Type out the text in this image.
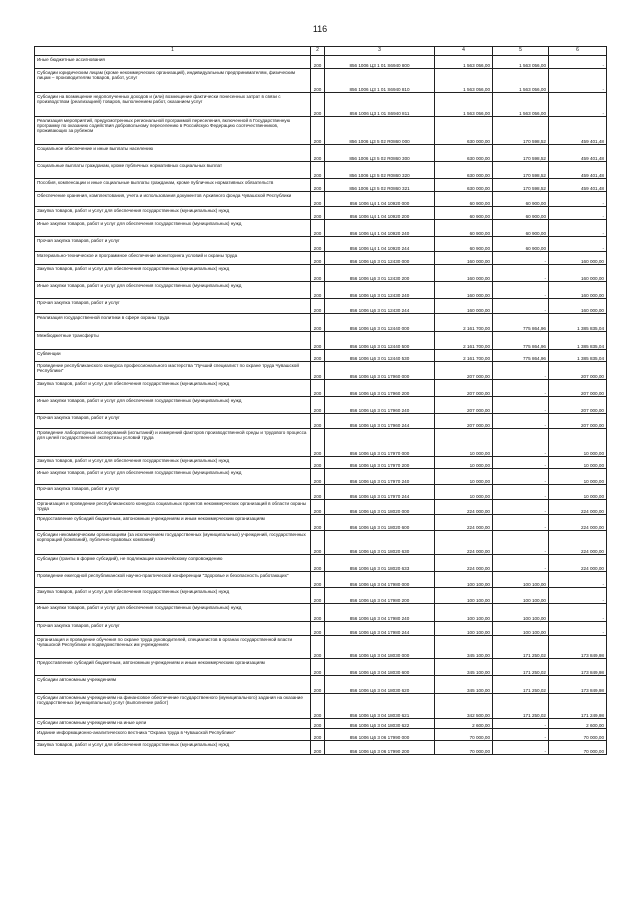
116
1	2	3	4	5	6

Иные бюджетные ассигнования	200	856 1006 Ц3 1 01 S6940 800	1 563 056,00	1 563 056,00	-

Субсидии юридическим лицам (кроме некоммерческих организаций), индивидуальным предпринимателям, физическим лицам – производителям товаров, работ, услуг	200	856 1006 Ц3 1 01 S6940 810	1 563 056,00	1 563 056,00	-

Субсидии на возмещение недополученных доходов и (или) возмещение фактически понесенных затрат в связи с производством (реализацией) товаров, выполнением работ, оказанием услуг	200	856 1006 Ц3 1 01 S6940 811	1 563 056,00	1 563 056,00	-

Реализация мероприятий, предусмотренных региональной программой переселения, включенной в Государственную программу по оказанию содействия добровольному переселению в Российскую Федерацию соотечественников, проживающих за рубежом	200	856 1006 Ц3 5 02 R0860 000	630 000,00	170 598,52	459 401,48

Социальное обеспечение и иные выплаты населению	200	856 1006 Ц3 5 02 R0860 300	630 000,00	170 598,52	459 401,48

Социальные выплаты гражданам, кроме публичных нормативных социальных выплат	200	856 1006 Ц3 5 02 R0860 320	630 000,00	170 598,52	459 401,48

Пособия, компенсации и иные социальные выплаты гражданам, кроме публичных нормативных обязательств	200	856 1006 Ц3 5 02 R0860 321	630 000,00	170 598,52	459 401,48

Обеспечение хранения, комплектования, учета и использования документов Архивного фонда Чувашской Республики	200	856 1006 Ц4 1 04 10920 000	60 900,00	60 900,00	-

Закупка товаров, работ и услуг для обеспечения государственных (муниципальных) нужд	200	856 1006 Ц4 1 04 10920 200	60 900,00	60 900,00	-

Иные закупки товаров, работ и услуг для обеспечения государственных (муниципальных) нужд	200	856 1006 Ц4 1 04 10920 240	60 900,00	60 900,00	-

Прочая закупка товаров, работ и услуг	200	856 1006 Ц4 1 04 10920 244	60 900,00	60 900,00	-

Материально-техническое и программное обеспечение мониторинга условий и охраны труда	200	856 1006 Ц6 3 01 12430 000	160 000,00	-	160 000,00

Закупка товаров, работ и услуг для обеспечения государственных (муниципальных) нужд	200	856 1006 Ц6 3 01 12430 200	160 000,00	-	160 000,00

Иные закупки товаров, работ и услуг для обеспечения государственных (муниципальных) нужд	200	856 1006 Ц6 3 01 12430 240	160 000,00	-	160 000,00

Прочая закупка товаров, работ и услуг	200	856 1006 Ц6 3 01 12430 244	160 000,00	-	160 000,00

Реализация государственной политики в сфере охраны труда	200	856 1006 Ц6 3 01 12440 000	2 161 700,00	775 864,96	1 385 835,04

Межбюджетные трансферты	200	856 1006 Ц6 3 01 12440 500	2 161 700,00	775 864,96	1 385 835,04

Субвенции	200	856 1006 Ц6 3 01 12440 530	2 161 700,00	775 864,96	1 385 835,04

Проведение республиканского конкурса профессионального мастерства "Лучший специалист по охране труда Чувашской Республики"	200	856 1006 Ц6 3 01 17960 000	207 000,00	-	207 000,00

Закупка товаров, работ и услуг для обеспечения государственных (муниципальных) нужд	200	856 1006 Ц6 3 01 17960 200	207 000,00	-	207 000,00

Иные закупки товаров, работ и услуг для обеспечения государственных (муниципальных) нужд	200	856 1006 Ц6 3 01 17960 240	207 000,00	-	207 000,00

Прочая закупка товаров, работ и услуг	200	856 1006 Ц6 3 01 17960 244	207 000,00	-	207 000,00

Проведение лабораторных исследований (испытаний) и измерений факторов производственной среды и трудового процесса для целей государственной экспертизы условий труда	200	856 1006 Ц6 3 01 17970 000	10 000,00	-	10 000,00

Закупка товаров, работ и услуг для обеспечения государственных (муниципальных) нужд	200	856 1006 Ц6 3 01 17970 200	10 000,00	-	10 000,00

Иные закупки товаров, работ и услуг для обеспечения государственных (муниципальных) нужд	200	856 1006 Ц6 3 01 17970 240	10 000,00	-	10 000,00

Прочая закупка товаров, работ и услуг	200	856 1006 Ц6 3 01 17970 244	10 000,00	-	10 000,00

Организация и проведение республиканского конкурса социальных проектов некоммерческих организаций в области охраны труда	200	856 1006 Ц6 3 01 18020 000	224 000,00	-	224 000,00

Предоставление субсидий бюджетным, автономным учреждениям и иным некоммерческим организациям	200	856 1006 Ц6 3 01 18020 600	224 000,00	-	224 000,00

Субсидии некоммерческим организациям (за исключением государственных (муниципальных) учреждений, государственных корпораций (компаний), публично-правовых компаний)	200	856 1006 Ц6 3 01 18020 630	224 000,00	-	224 000,00

Субсидии (гранты в форме субсидий), не подлежащие казначейскому сопровождению	200	856 1006 Ц6 3 01 18020 633	224 000,00	-	224 000,00

Проведение ежегодной республиканской научно-практической конференции "Здоровье и безопасность работающих"	200	856 1006 Ц6 3 04 17980 000	100 100,00	100 100,00	-

Закупка товаров, работ и услуг для обеспечения государственных (муниципальных) нужд	200	856 1006 Ц6 3 04 17980 200	100 100,00	100 100,00	-

Иные закупки товаров, работ и услуг для обеспечения государственных (муниципальных) нужд	200	856 1006 Ц6 3 04 17980 240	100 100,00	100 100,00	-

Прочая закупка товаров, работ и услуг	200	856 1006 Ц6 3 04 17980 244	100 100,00	100 100,00	-

Организация и проведение обучения по охране труда руководителей, специалистов в органах государственной власти Чувашской Республики и подведомственных им учреждениях	200	856 1006 Ц6 3 04 18030 000	345 100,00	171 250,02	173 849,98

Предоставление субсидий бюджетным, автономным учреждениям и иным некоммерческим организациям	200	856 1006 Ц6 3 04 18030 600	345 100,00	171 250,02	173 849,98

Субсидии автономным учреждениям	200	856 1006 Ц6 3 04 18030 620	345 100,00	171 250,02	173 849,98

Субсидии автономным учреждениям на финансовое обеспечение государственного (муниципального) задания на оказание государственных (муниципальных) услуг (выполнение работ)	200	856 1006 Ц6 3 04 18030 621	342 500,00	171 250,02	171 249,98

Субсидии автономным учреждениям на иные цели	200	856 1006 Ц6 3 04 18030 622	2 600,00	-	2 600,00

Издание информационно-аналитического вестника "Охрана труда в Чувашской Республике"	200	856 1006 Ц6 3 06 17990 000	70 000,00	-	70 000,00

Закупка товаров, работ и услуг для обеспечения государственных (муниципальных) нужд	200	856 1006 Ц6 3 06 17990 200	70 000,00	-	70 000,00
